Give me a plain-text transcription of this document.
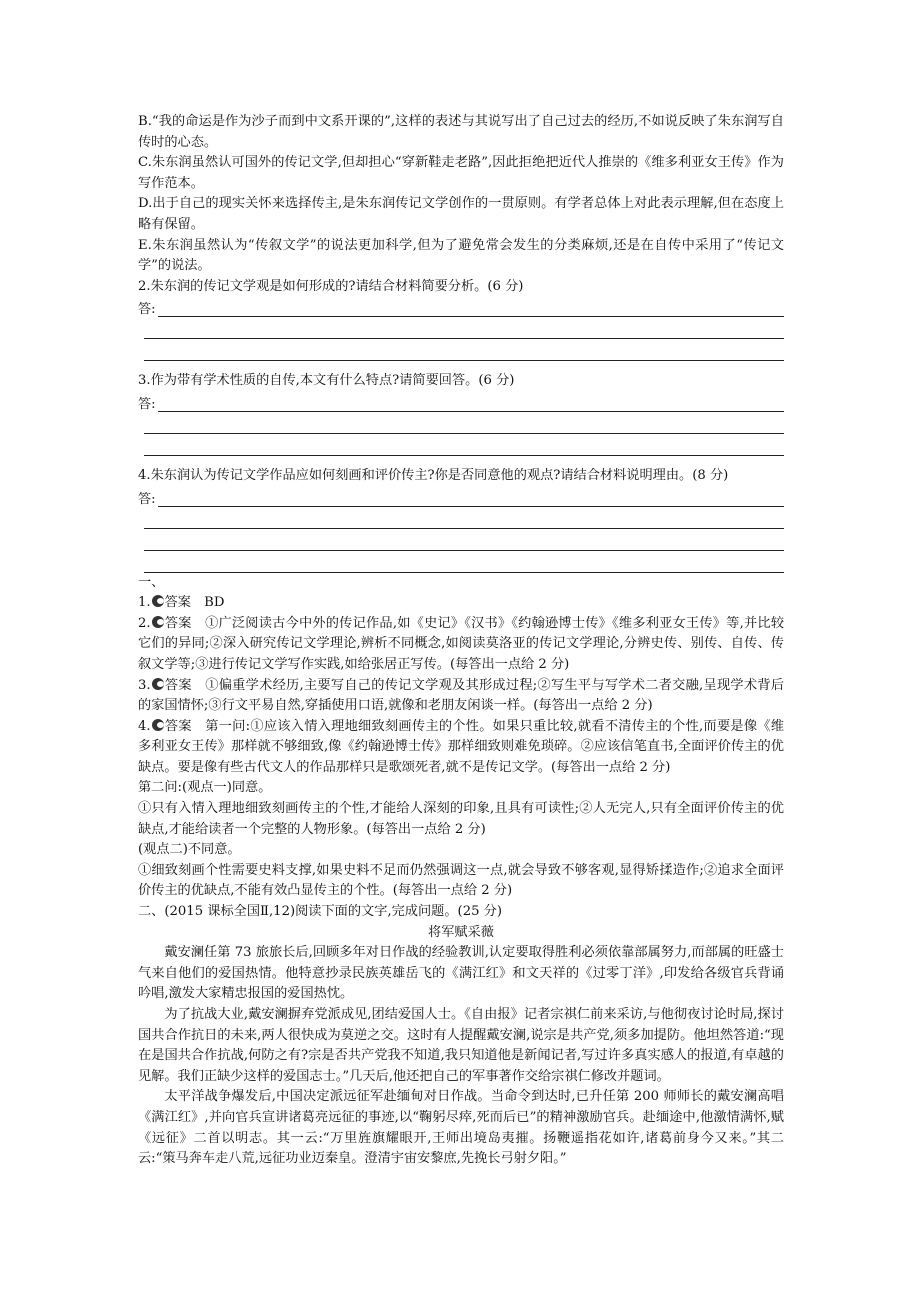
B.“我的命运是作为沙子而到中文系开课的”,这样的表述与其说写出了自己过去的经历,不如说反映了朱东润写自传时的心态。

C.朱东润虽然认可国外的传记文学,但却担心“穿新鞋走老路”,因此拒绝把近代人推崇的《维多利亚女王传》作为写作范本。

D.出于自己的现实关怀来选择传主,是朱东润传记文学创作的一贯原则。有学者总体上对此表示理解,但在态度上略有保留。

E.朱东润虽然认为“传叙文学”的说法更加科学,但为了避免常会发生的分类麻烦,还是在自传中采用了“传记文学”的说法。

2.朱东润的传记文学观是如何形成的?请结合材料简要分析。(6 分)

答:

3.作为带有学术性质的自传,本文有什么特点?请简要回答。(6 分)

答:

4.朱东润认为传记文学作品应如何刻画和评价传主?你是否同意他的观点?请结合材料说明理由。(8 分)

答:

一、

1. 答案  BD

2. 答案  ①广泛阅读古今中外的传记作品,如《史记》《汉书》《约翰逊博士传》《维多利亚女王传》等,并比较它们的异同;②深入研究传记文学理论,辨析不同概念,如阅读莫洛亚的传记文学理论,分辨史传、别传、自传、传叙文学等;③进行传记文学写作实践,如给张居正写传。(每答出一点给 2 分)

3. 答案  ①偏重学术经历,主要写自己的传记文学观及其形成过程;②写生平与写学术二者交融,呈现学术背后的家国情怀;③行文平易自然,穿插使用口语,就像和老朋友闲谈一样。(每答出一点给 2 分)

4. 答案  第一问:①应该入情入理地细致刻画传主的个性。如果只重比较,就看不清传主的个性,而要是像《维多利亚女王传》那样就不够细致,像《约翰逊博士传》那样细致则难免琐碎。②应该信笔直书,全面评价传主的优缺点。要是像有些古代文人的作品那样只是歌颂死者,就不是传记文学。(每答出一点给 2 分)

第二问:(观点一)同意。

①只有入情入理地细致刻画传主的个性,才能给人深刻的印象,且具有可读性;②人无完人,只有全面评价传主的优缺点,才能给读者一个完整的人物形象。(每答出一点给 2 分)

(观点二)不同意。

①细致刻画个性需要史料支撑,如果史料不足而仍然强调这一点,就会导致不够客观,显得矫揉造作;②追求全面评价传主的优缺点,不能有效凸显传主的个性。(每答出一点给 2 分)

二、(2015 课标全国Ⅱ,12)阅读下面的文字,完成问题。(25 分)

将军赋采薇

戴安澜任第 73 旅旅长后,回顾多年对日作战的经验教训,认定要取得胜利必须依靠部属努力,而部属的旺盛士气来自他们的爱国热情。他特意抄录民族英雄岳飞的《满江红》和文天祥的《过零丁洋》,印发给各级官兵背诵吟唱,激发大家精忠报国的爱国热忱。

为了抗战大业,戴安澜摒弃党派成见,团结爱国人士。《自由报》记者宗祺仁前来采访,与他彻夜讨论时局,探讨国共合作抗日的未来,两人很快成为莫逆之交。这时有人提醒戴安澜,说宗是共产党,须多加提防。他坦然答道:“现在是国共合作抗战,何防之有?宗是否共产党我不知道,我只知道他是新闻记者,写过许多真实感人的报道,有卓越的见解。我们正缺少这样的爱国志士。”几天后,他还把自己的军事著作交给宗祺仁修改并题词。

太平洋战争爆发后,中国决定派远征军赴缅甸对日作战。当命令到达时,已升任第 200 师师长的戴安澜高唱《满江红》,并向官兵宣讲诸葛亮远征的事迹,以“鞠躬尽瘁,死而后已”的精神激励官兵。赴缅途中,他激情满怀,赋《远征》二首以明志。其一云:“万里旌旗耀眼开,王师出境岛夷摧。扬鞭遥指花如许,诸葛前身今又来。”其二云:“策马奔车走八荒,远征功业迈秦皇。澄清宇宙安黎庶,先挽长弓射夕阳。”
